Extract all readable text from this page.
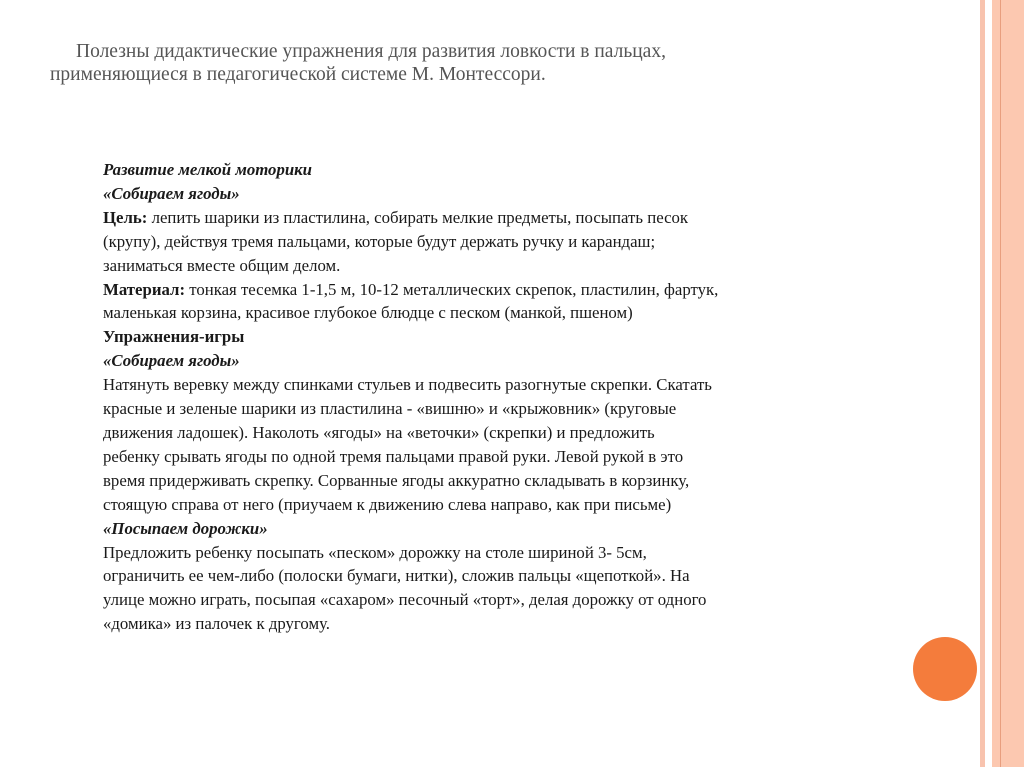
Полезны дидактические упражнения для развития ловкости в пальцах,
применяющиеся в педагогической системе М. Монтессори.
Развитие мелкой моторики
«Собираем ягоды»
Цель: лепить шарики из пластилина, собирать мелкие предметы, посыпать песок
(крупу), действуя тремя пальцами, которые будут держать ручку и карандаш;
заниматься вместе общим делом.
Материал: тонкая тесемка 1-1,5 м, 10-12 металлических скрепок, пластилин, фартук,
маленькая корзина, красивое глубокое блюдце с песком (манкой, пшеном)
Упражнения-игры
«Собираем ягоды»
Натянуть веревку между спинками стульев и подвесить разогнутые скрепки. Скатать
красные и зеленые шарики из пластилина - «вишню» и «крыжовник» (круговые
движения ладошек). Наколоть «ягоды» на «веточки» (скрепки) и предложить
ребенку срывать ягоды по одной тремя пальцами правой руки. Левой рукой в это
время придерживать скрепку. Сорванные ягоды аккуратно складывать в корзинку,
стоящую справа от него (приучаем к движению слева направо, как при письме)
«Посыпаем дорожки»
Предложить ребенку посыпать «песком» дорожку на столе шириной 3- 5см,
ограничить ее чем-либо (полоски бумаги, нитки), сложив пальцы «щепоткой». На
улице можно играть, посыпая «сахаром» песочный «торт», делая дорожку от одного
«домика» из палочек к другому.
